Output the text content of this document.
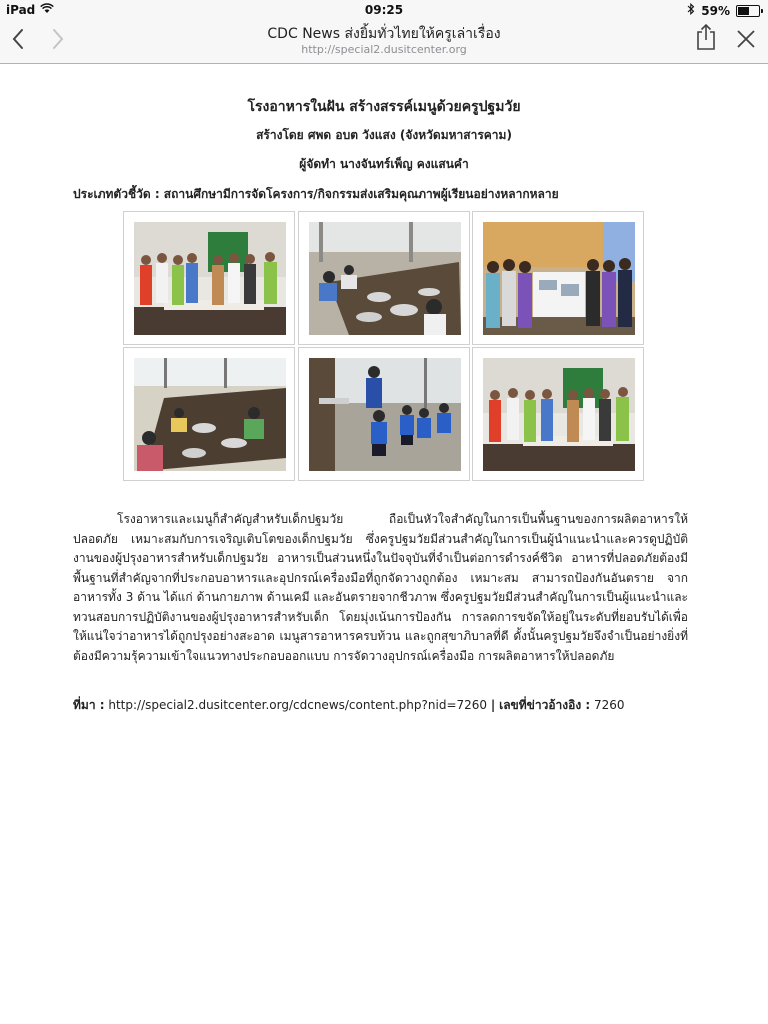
iPad	09:25	59%
CDC News ส่งยิ้มทั่วไทยให้ครูเล่าเรื่อง
http://special2.dusitcenter.org
โรงอาหารในฝัน สร้างสรรค์เมนูด้วยครูปฐมวัย
สร้างโดย ศพด อบต วังแสง (จังหวัดมหาสารคาม)
ผู้จัดทำ นางจันทร์เพ็ญ คงแสนคำ
ประเภทตัวชี้วัด : สถานศึกษามีการจัดโครงการ/กิจกรรมส่งเสริมคุณภาพผู้เรียนอย่างหลากหลาย
โรงอาหารและเมนูก็สำคัญสำหรับเด็กปฐมวัย ถือเป็นหัวใจสำคัญในการเป็นพื้นฐานของการผลิตอาหารให้ปลอดภัย เหมาะสมกับการเจริญเติบโตของเด็กปฐมวัย ซึ่งครูปฐมวัยมีส่วนสำคัญในการเป็นผู้นำแนะนำและควรดูปฏิบัติงานของผู้ปรุงอาหารสำหรับเด็กปฐมวัย อาหารเป็นส่วนหนึ่งในปัจจุบันที่จำเป็นต่อการดำรงค์ชีวิต อาหารที่ปลอดภัยต้องมีพื้นฐานที่สำคัญจากที่ประกอบอาหารและอุปกรณ์เครื่องมือที่ถูกจัดวางถูกต้อง เหมาะสม สามารถป้องกันอันตราย จากอาหารทั้ง 3 ด้าน ได้แก่ ด้านกายภาพ ด้านเคมี และอันตรายจากชีวภาพ ซึ่งครูปฐมวัยมีส่วนสำคัญในการเป็นผู้แนะนำและทวนสอบการปฏิบัติงานของผู้ปรุงอาหารสำหรับเด็ก โดยมุ่งเน้นการป้องกัน การลดการขจัดให้อยู่ในระดับที่ยอบรับได้เพื่อให้แน่ใจว่าอาหารได้ถูกปรุงอย่างสะอาด เมนูสารอาหารครบท้วน และถูกสุขาภิบาลที่ดี ดั้งนั้นครูปฐมวัยจึงจำเป็นอย่างยิ่งที่ต้องมีความรุ้ความเข้าใจแนวทางประกอบออกแบบ การจัดวางอุปกรณ์เครื่องมือ การผลิตอาหารให้ปลอดภัย
ที่มา : http://special2.dusitcenter.org/cdcnews/content.php?nid=7260 | เลขที่ข่าวอ้างอิง : 7260
